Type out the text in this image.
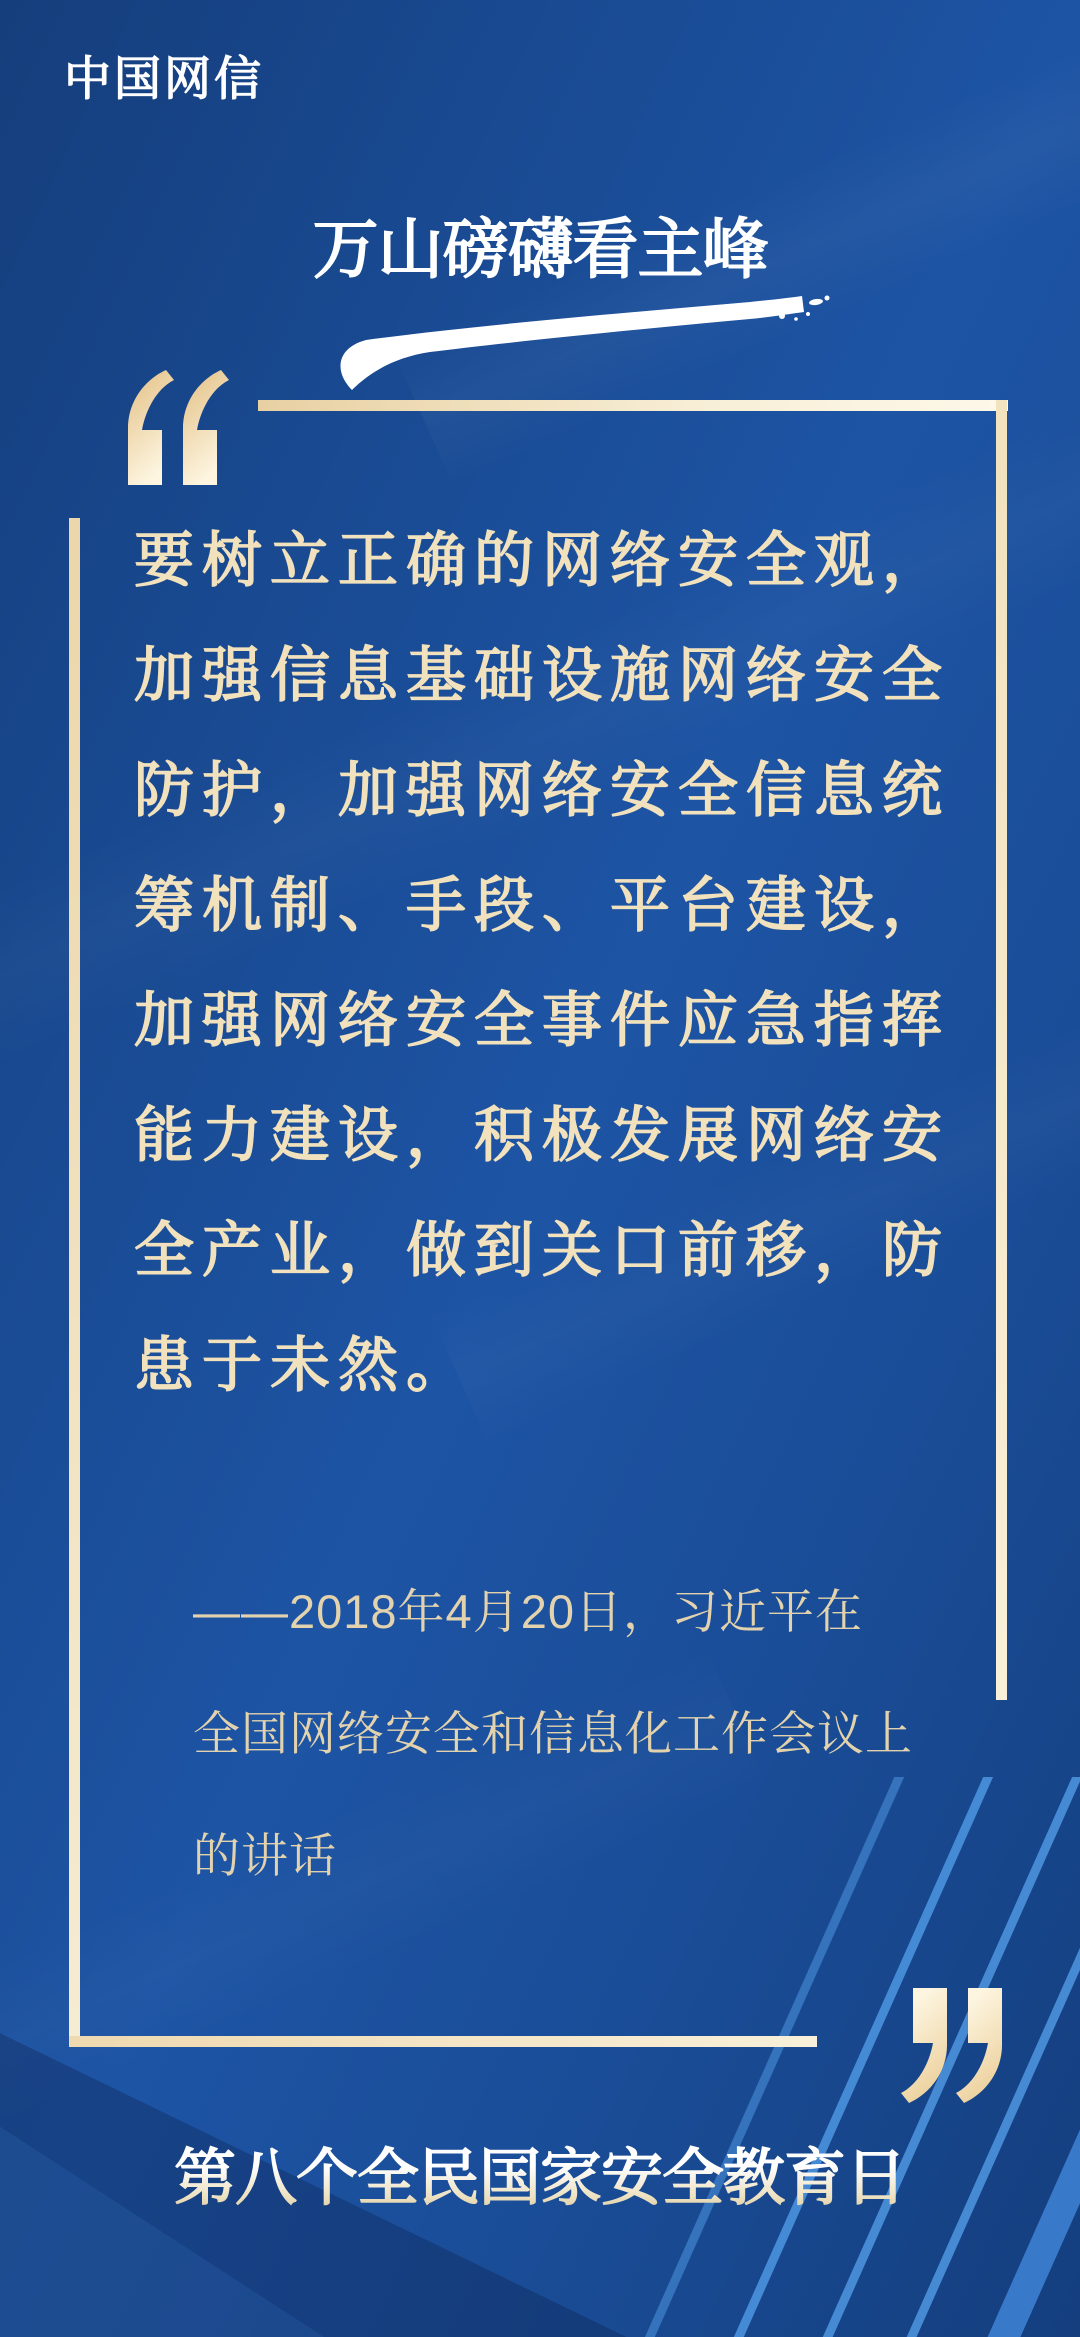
中国网信
万山磅礴看主峰
要树立正确的网络安全观，
加强信息基础设施网络安全
防护，加强网络安全信息统
筹机制、手段、平台建设，
加强网络安全事件应急指挥
能力建设，积极发展网络安
全产业，做到关口前移，防
患于未然。
——2018年4月20日，习近平在
全国网络安全和信息化工作会议上
的讲话
第八个全民国家安全教育日
